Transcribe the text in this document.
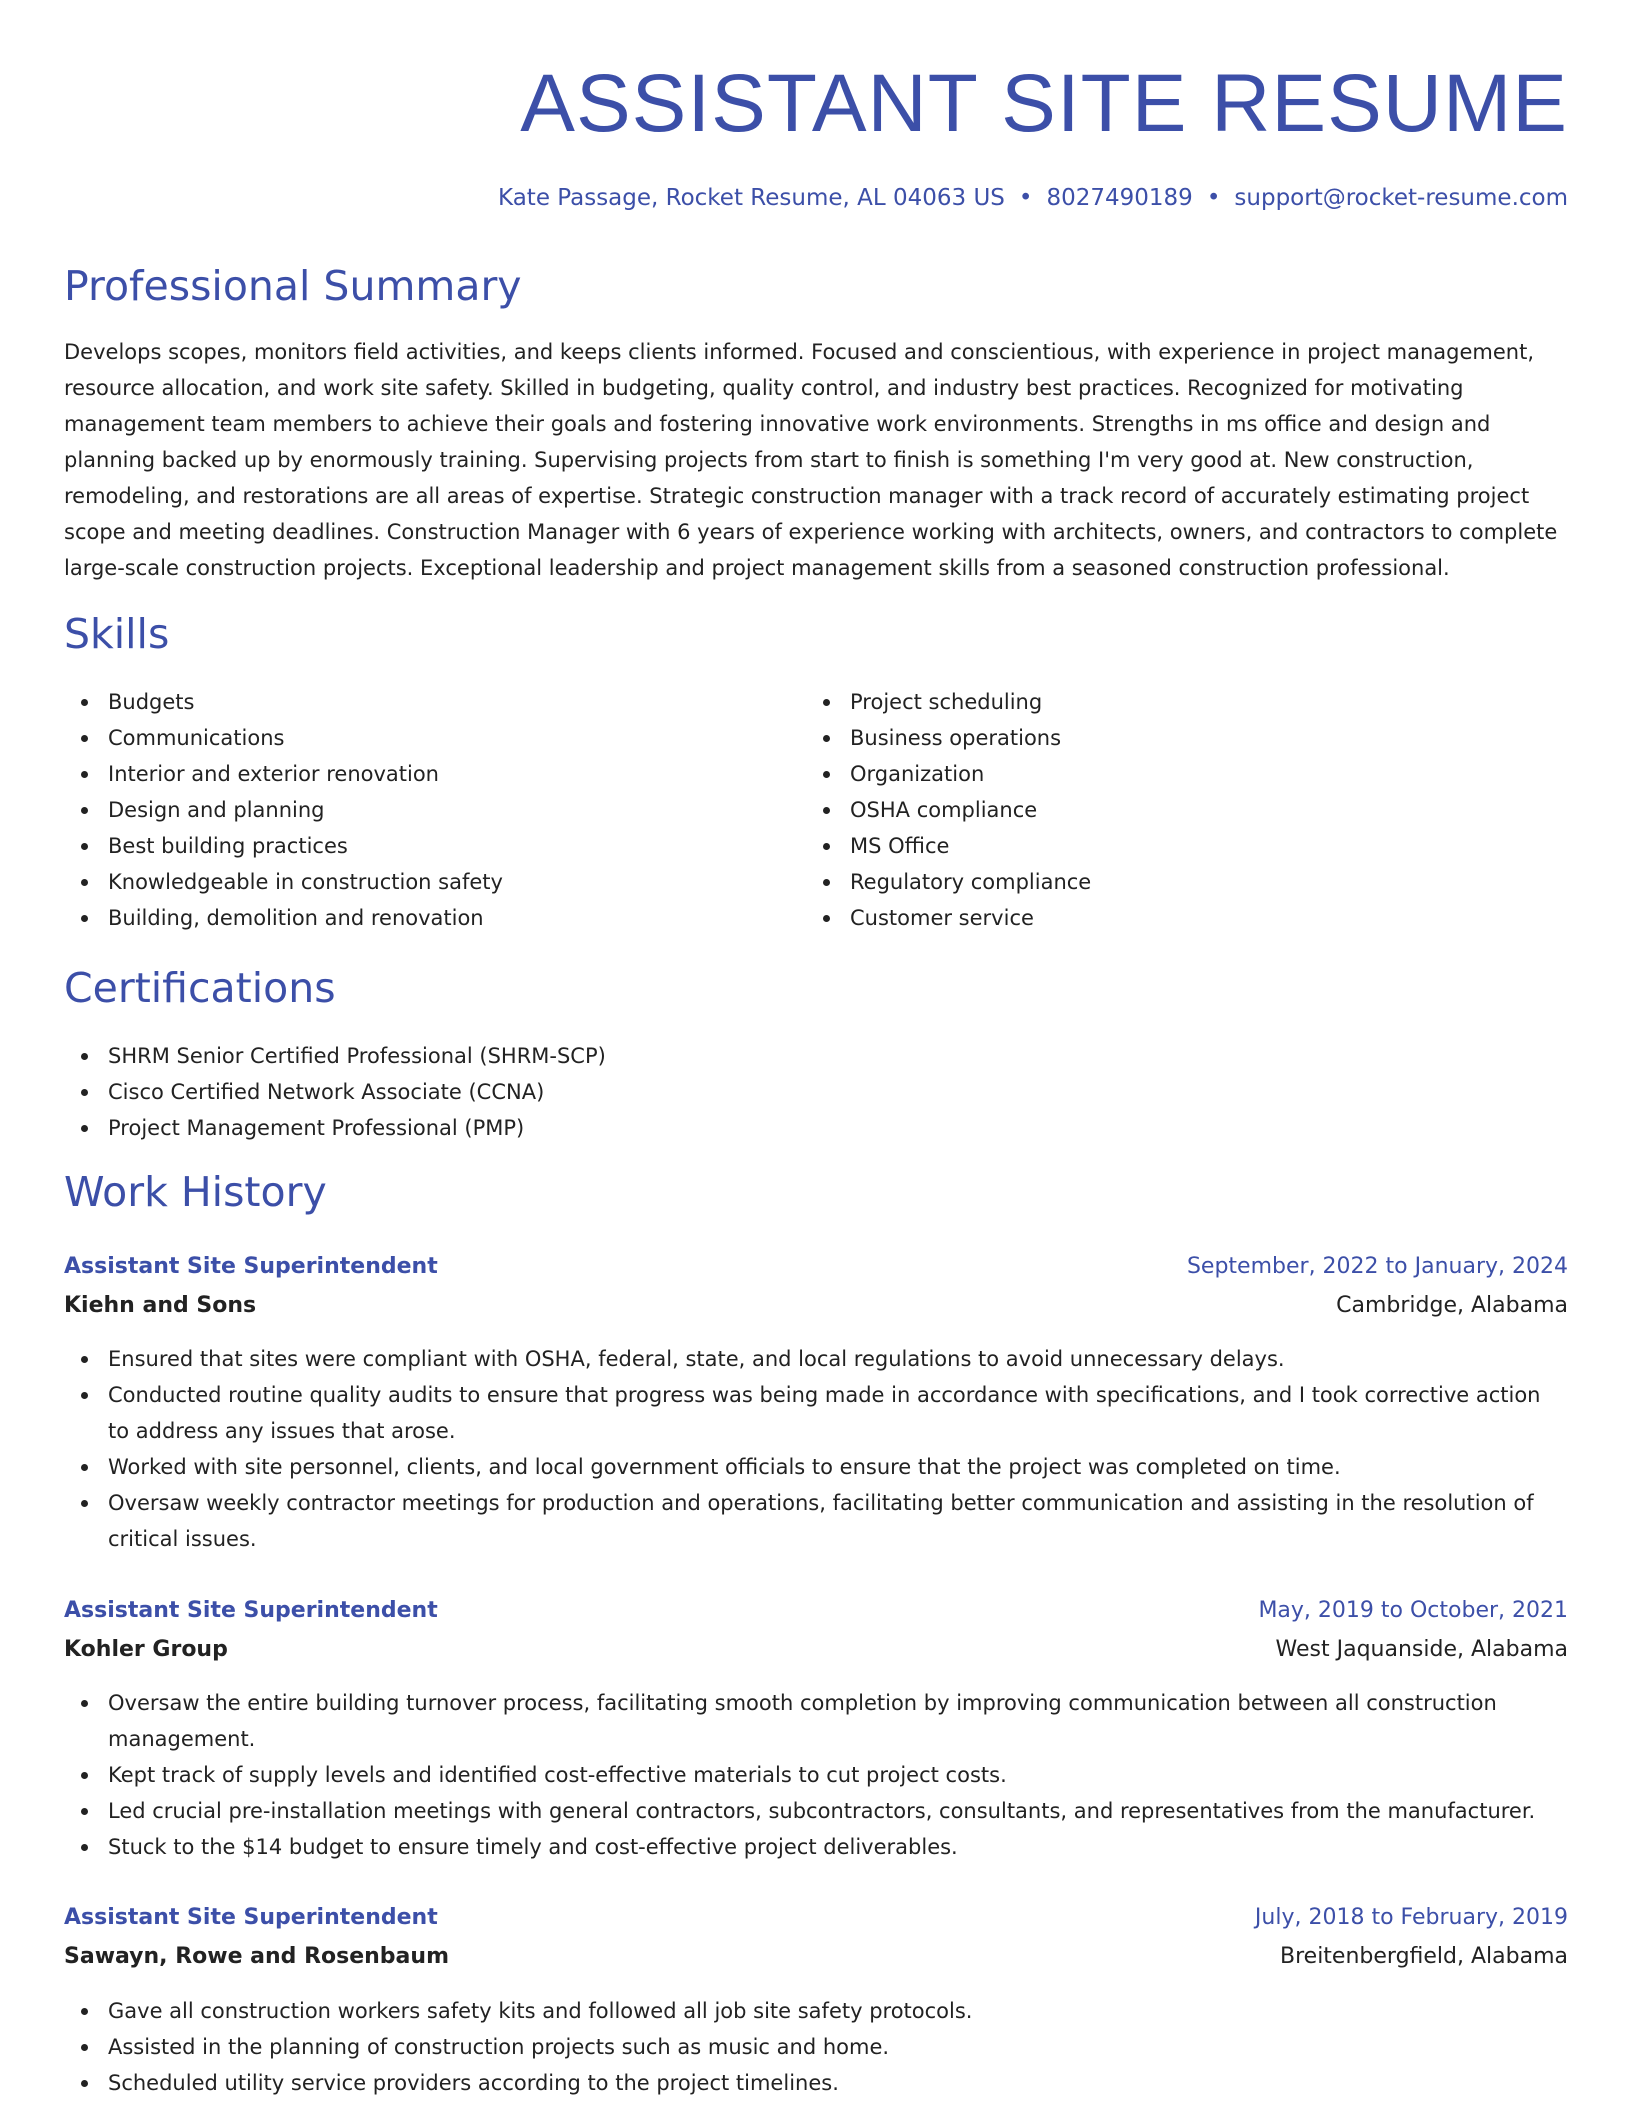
ASSISTANT SITE RESUME
Kate Passage, Rocket Resume, AL 04063 US • 8027490189 • support@rocket-resume.com
Professional Summary

Develops scopes, monitors field activities, and keeps clients informed. Focused and conscientious, with experience in project management, resource allocation, and work site safety. Skilled in budgeting, quality control, and industry best practices. Recognized for motivating management team members to achieve their goals and fostering innovative work environments. Strengths in ms office and design and planning backed up by enormously training. Supervising projects from start to finish is something I'm very good at. New construction, remodeling, and restorations are all areas of expertise. Strategic construction manager with a track record of accurately estimating project scope and meeting deadlines. Construction Manager with 6 years of experience working with architects, owners, and contractors to complete large-scale construction projects. Exceptional leadership and project management skills from a seasoned construction professional.

Skills
Budgets
Communications
Interior and exterior renovation
Design and planning
Best building practices
Knowledgeable in construction safety
Building, demolition and renovation
Project scheduling
Business operations
Organization
OSHA compliance
MS Office
Regulatory compliance
Customer service
Certifications
SHRM Senior Certified Professional (SHRM-SCP)
Cisco Certified Network Associate (CCNA)
Project Management Professional (PMP)
Work History
Assistant Site Superintendent	September, 2022 to January, 2024
Kiehn and Sons	Cambridge, Alabama
Ensured that sites were compliant with OSHA, federal, state, and local regulations to avoid unnecessary delays.
Conducted routine quality audits to ensure that progress was being made in accordance with specifications, and I took corrective action to address any issues that arose.
Worked with site personnel, clients, and local government officials to ensure that the project was completed on time.
Oversaw weekly contractor meetings for production and operations, facilitating better communication and assisting in the resolution of critical issues.
Assistant Site Superintendent	May, 2019 to October, 2021
Kohler Group	West Jaquanside, Alabama
Oversaw the entire building turnover process, facilitating smooth completion by improving communication between all construction management.
Kept track of supply levels and identified cost-effective materials to cut project costs.
Led crucial pre-installation meetings with general contractors, subcontractors, consultants, and representatives from the manufacturer.
Stuck to the $14 budget to ensure timely and cost-effective project deliverables.
Assistant Site Superintendent	July, 2018 to February, 2019
Sawayn, Rowe and Rosenbaum	Breitenbergfield, Alabama
Gave all construction workers safety kits and followed all job site safety protocols.
Assisted in the planning of construction projects such as music and home.
Scheduled utility service providers according to the project timelines.
